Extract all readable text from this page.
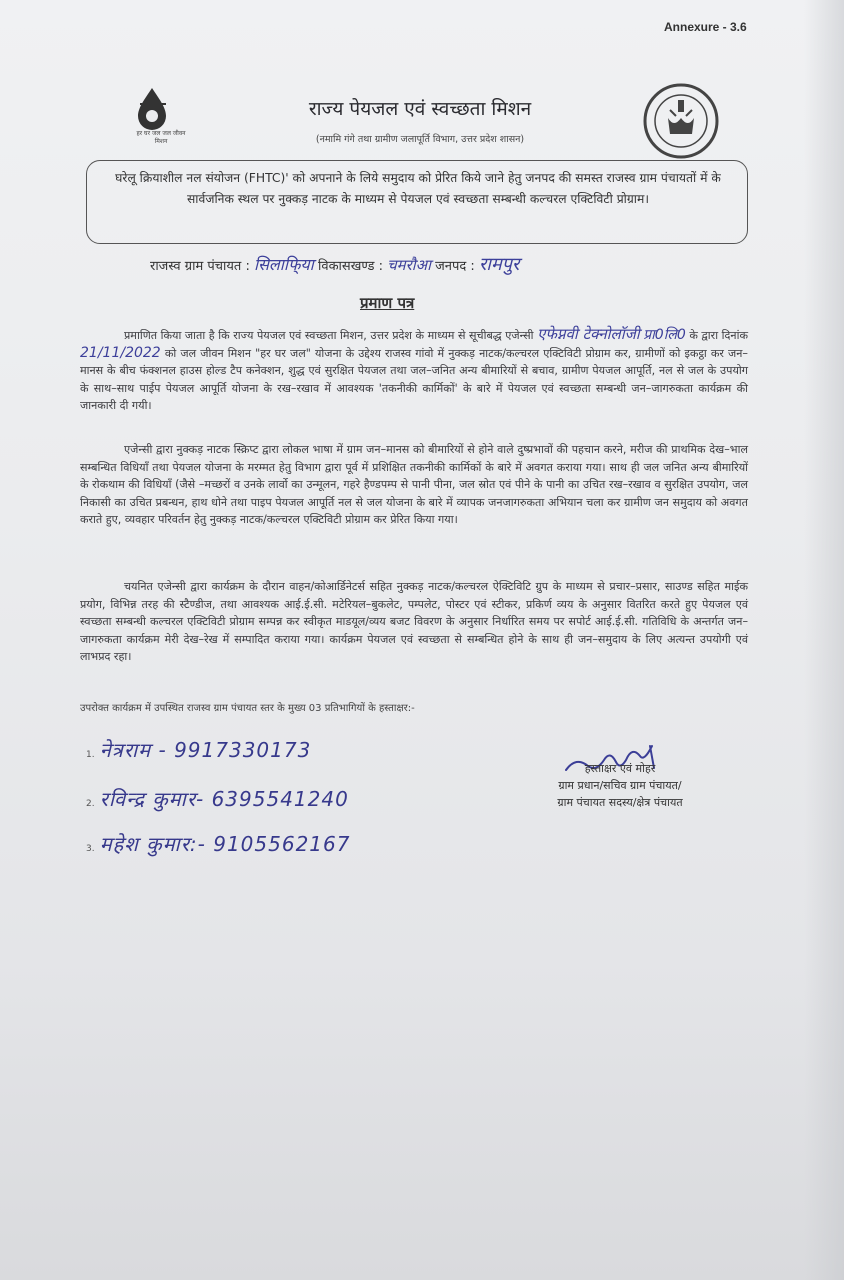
Annexure - 3.6
हर घर जल जल जीवन मिशन
राज्य पेयजल एवं स्वच्छता मिशन
(नमामि गंगे तथा ग्रामीण जलापूर्ति विभाग, उत्तर प्रदेश शासन)
घरेलू क्रियाशील नल संयोजन (FHTC)' को अपनाने के लिये समुदाय को प्रेरित किये जाने हेतु जनपद की समस्त राजस्व ग्राम पंचायतों में के सार्वजनिक स्थल पर नुक्कड़ नाटक के माध्यम से पेयजल एवं स्वच्छता सम्बन्धी कल्चरल एक्टिविटी प्रोग्राम।
राजस्व ग्राम पंचायत : सिलाफि्या विकासखण्ड : चमरौआ जनपद : रामपुर
प्रमाण पत्र
प्रमाणित किया जाता है कि राज्य पेयजल एवं स्वच्छता मिशन, उत्तर प्रदेश के माध्यम से सूचीबद्ध एजेन्सी एफेप्नवी टेक्नोलॉजी प्रा0लि0 के द्वारा दिनांक 21/11/2022 को जल जीवन मिशन "हर घर जल" योजना के उद्देश्य राजस्व गांवो में नुक्कड़ नाटक/कल्चरल एक्टिविटी प्रोग्राम कर, ग्रामीणों को इकट्ठा कर जन–मानस के बीच फंक्शनल हाउस होल्ड टैप कनेक्शन, शुद्ध एवं सुरक्षित पेयजल तथा जल–जनित अन्य बीमारियों से बचाव, ग्रामीण पेयजल आपूर्ति, नल से जल के उपयोग के साथ–साथ पाईप पेयजल आपूर्ति योजना के रख–रखाव में आवश्यक 'तकनीकी कार्मिकों' के बारे में पेयजल एवं स्वच्छता सम्बन्धी जन–जागरुकता कार्यक्रम की जानकारी दी गयी।
एजेन्सी द्वारा नुक्कड़ नाटक स्क्रिप्ट द्वारा लोकल भाषा में ग्राम जन–मानस को बीमारियों से होने वाले दुष्प्रभावों की पहचान करने, मरीज की प्राथमिक देख–भाल सम्बन्धित विधियाँ तथा पेयजल योजना के मरम्मत हेतु विभाग द्वारा पूर्व में प्रशिक्षित तकनीकी कार्मिकों के बारे में अवगत कराया गया। साथ ही जल जनित अन्य बीमारियों के रोकथाम की विधियाँ (जैसे –मच्छरों व उनके लार्वो का उन्मूलन, गहरे हैण्डपम्प से पानी पीना, जल स्रोत एवं पीने के पानी का उचित रख–रखाव व सुरक्षित उपयोग, जल निकासी का उचित प्रबन्धन, हाथ धोने तथा पाइप पेयजल आपूर्ति नल से जल योजना के बारे में व्यापक जनजागरुकता अभियान चला कर ग्रामीण जन समुदाय को अवगत कराते हुए, व्यवहार परिवर्तन हेतु नुक्कड़ नाटक/कल्चरल एक्टिविटी प्रोग्राम कर प्रेरित किया गया।
चयनित एजेन्सी द्वारा कार्यक्रम के दौरान वाहन/कोआर्डिनेटर्स सहित नुक्कड़ नाटक/कल्चरल ऐक्टिविटि ग्रुप के माध्यम से प्रचार–प्रसार, साउण्ड सहित माईक प्रयोग, विभिन्न तरह की स्टैण्डीज, तथा आवश्यक आई.ई.सी. मटेरियल–बुकलेट, पम्पलेट, पोस्टर एवं स्टीकर, प्रकिर्ण व्यय के अनुसार वितरित करते हुए पेयजल एवं स्वच्छता सम्बन्धी कल्चरल एक्टिविटी प्रोग्राम सम्पन्न कर स्वीकृत माडयूल/व्यय बजट विवरण के अनुसार निर्धारित समय पर सपोर्ट आई.ई.सी. गतिविधि के अन्तर्गत जन–जागरुकता कार्यक्रम मेरी देख–रेख में सम्पादित कराया गया। कार्यक्रम पेयजल एवं स्वच्छता से सम्बन्धित होने के साथ ही जन–समुदाय के लिए अत्यन्त उपयोगी एवं लाभप्रद रहा।
उपरोक्त कार्यक्रम में उपस्थित राजस्व ग्राम पंचायत स्तर के मुख्य 03 प्रतिभागियों के हस्ताक्षर:-
1. नेत्रराम - 9917330173
2. रविन्द्र कुमार- 6395541240
3. महेश कुमार:- 9105562167
हस्ताक्षर एवं मोहर
ग्राम प्रधान/सचिव ग्राम पंचायत/
ग्राम पंचायत सदस्य/क्षेत्र पंचायत
